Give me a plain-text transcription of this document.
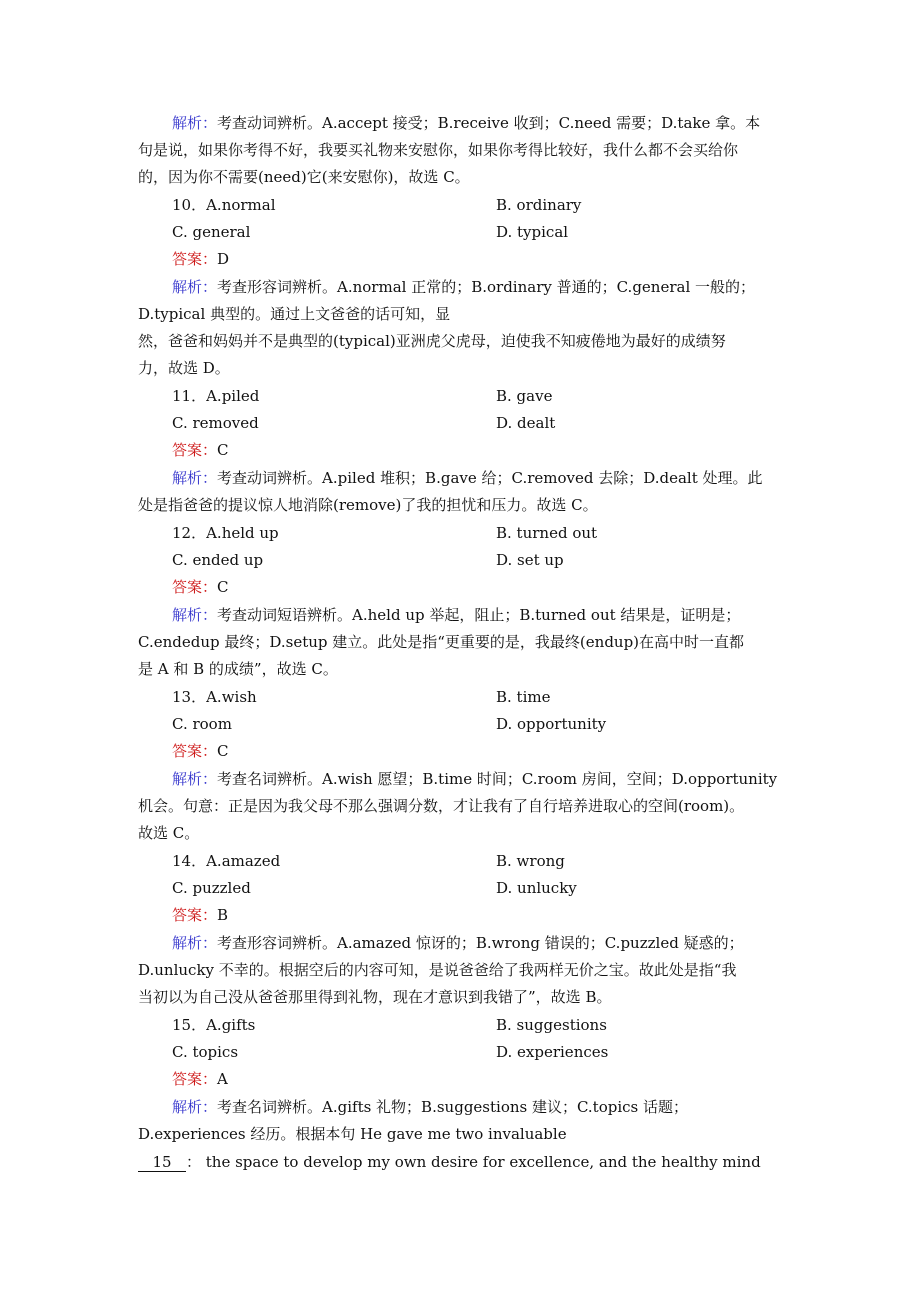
解析：考查动词辨析。A.accept 接受；B.receive 收到；C.need 需要；D.take 拿。本
句是说，如果你考得不好，我要买礼物来安慰你，如果你考得比较好，我什么都不会买给你
的，因为你不需要(need)它(来安慰你)，故选 C。
10．A.normal	B. ordinary
C. general	D. typical
答案：D
解析：考查形容词辨析。A.normal 正常的；B.ordinary 普通的；C.general 一般的；
D.typical 典型的。通过上文爸爸的话可知，显
然，爸爸和妈妈并不是典型的(typical)亚洲虎父虎母，迫使我不知疲倦地为最好的成绩努
力，故选 D。
11．A.piled	B. gave
C. removed	D. dealt
答案：C
解析：考查动词辨析。A.piled 堆积；B.gave 给；C.removed 去除；D.dealt 处理。此
处是指爸爸的提议惊人地消除(remove)了我的担忧和压力。故选 C。
12．A.held up	B. turned out
C. ended up	D. set up
答案：C
解析：考查动词短语辨析。A.held up 举起，阻止；B.turned out 结果是，证明是；
C.endedup 最终；D.setup 建立。此处是指“更重要的是，我最终(endup)在高中时一直都
是 A 和 B 的成绩”，故选 C。
13．A.wish	B. time
C. room	D. opportunity
答案：C
解析：考查名词辨析。A.wish 愿望；B.time 时间；C.room 房间，空间；D.opportunity
机会。句意：正是因为我父母不那么强调分数，才让我有了自行培养进取心的空间(room)。
故选 C。
14．A.amazed	B. wrong
C. puzzled	D. unlucky
答案：B
解析：考查形容词辨析。A.amazed 惊讶的；B.wrong 错误的；C.puzzled 疑惑的；
D.unlucky 不幸的。根据空后的内容可知，是说爸爸给了我两样无价之宝。故此处是指“我
当初以为自己没从爸爸那里得到礼物，现在才意识到我错了”，故选 B。
15．A.gifts	B. suggestions
C. topics	D. experiences
答案：A
解析：考查名词辨析。A.gifts 礼物；B.suggestions 建议；C.topics 话题；
D.experiences 经历。根据本句 He gave me two invaluable
15 ： the space to develop my own desire for excellence, and the healthy mind
